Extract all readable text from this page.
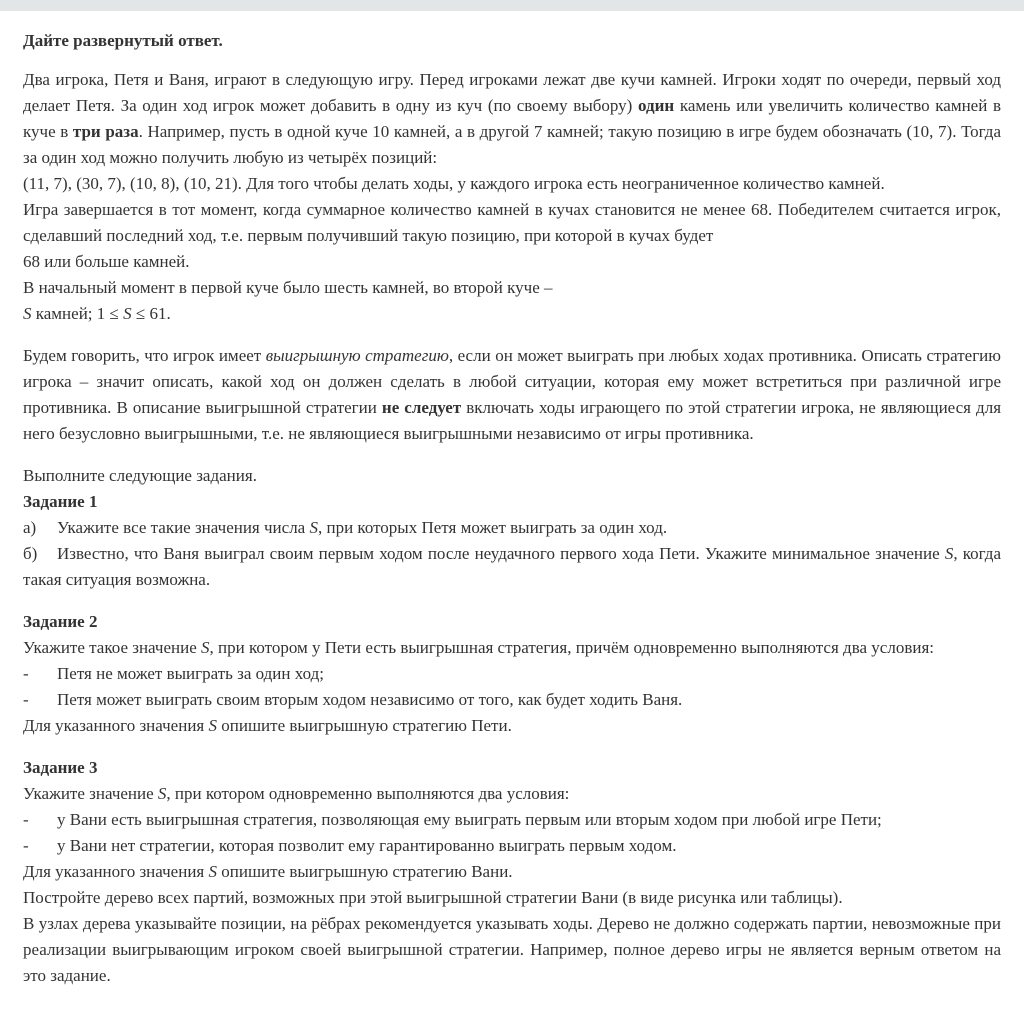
Дайте развернутый ответ.

Два игрока, Петя и Ваня, играют в следующую игру. Перед игроками лежат две кучи камней. Игроки ходят по очереди, первый ход делает Петя. За один ход игрок может добавить в одну из куч (по своему выбору) один камень или увеличить количество камней в куче в три раза. Например, пусть в одной куче 10 камней, а в другой 7 камней; такую позицию в игре будем обозначать (10, 7). Тогда за один ход можно получить любую из четырёх позиций:

(11, 7), (30, 7), (10, 8), (10, 21). Для того чтобы делать ходы, у каждого игрока есть неограниченное количество камней.

Игра завершается в тот момент, когда суммарное количество камней в кучах становится не менее 68. Победителем считается игрок, сделавший последний ход, т.е. первым получивший такую позицию, при которой в кучах будет

68 или больше камней.

В начальный момент в первой куче было шесть камней, во второй куче –

S камней; 1 ≤ S ≤ 61.

Будем говорить, что игрок имеет выигрышную стратегию, если он может выиграть при любых ходах противника. Описать стратегию игрока – значит описать, какой ход он должен сделать в любой ситуации, которая ему может встретиться при различной игре противника. В описание выигрышной стратегии не следует включать ходы играющего по этой стратегии игрока, не являющиеся для него безусловно выигрышными, т.е. не являющиеся выигрышными независимо от игры противника.

Выполните следующие задания.

Задание 1

а) Укажите все такие значения числа S, при которых Петя может выиграть за один ход.

б) Известно, что Ваня выиграл своим первым ходом после неудачного первого хода Пети. Укажите минимальное значение S, когда такая ситуация возможна.

Задание 2

Укажите такое значение S, при котором у Пети есть выигрышная стратегия, причём одновременно выполняются два условия:

- Петя не может выиграть за один ход;

- Петя может выиграть своим вторым ходом независимо от того, как будет ходить Ваня.

Для указанного значения S опишите выигрышную стратегию Пети.

Задание 3

Укажите значение S, при котором одновременно выполняются два условия:

- у Вани есть выигрышная стратегия, позволяющая ему выиграть первым или вторым ходом при любой игре Пети;

- у Вани нет стратегии, которая позволит ему гарантированно выиграть первым ходом.

Для указанного значения S опишите выигрышную стратегию Вани.

Постройте дерево всех партий, возможных при этой выигрышной стратегии Вани (в виде рисунка или таблицы).

В узлах дерева указывайте позиции, на рёбрах рекомендуется указывать ходы. Дерево не должно содержать партии, невозможные при реализации выигрывающим игроком своей выигрышной стратегии. Например, полное дерево игры не является верным ответом на это задание.
